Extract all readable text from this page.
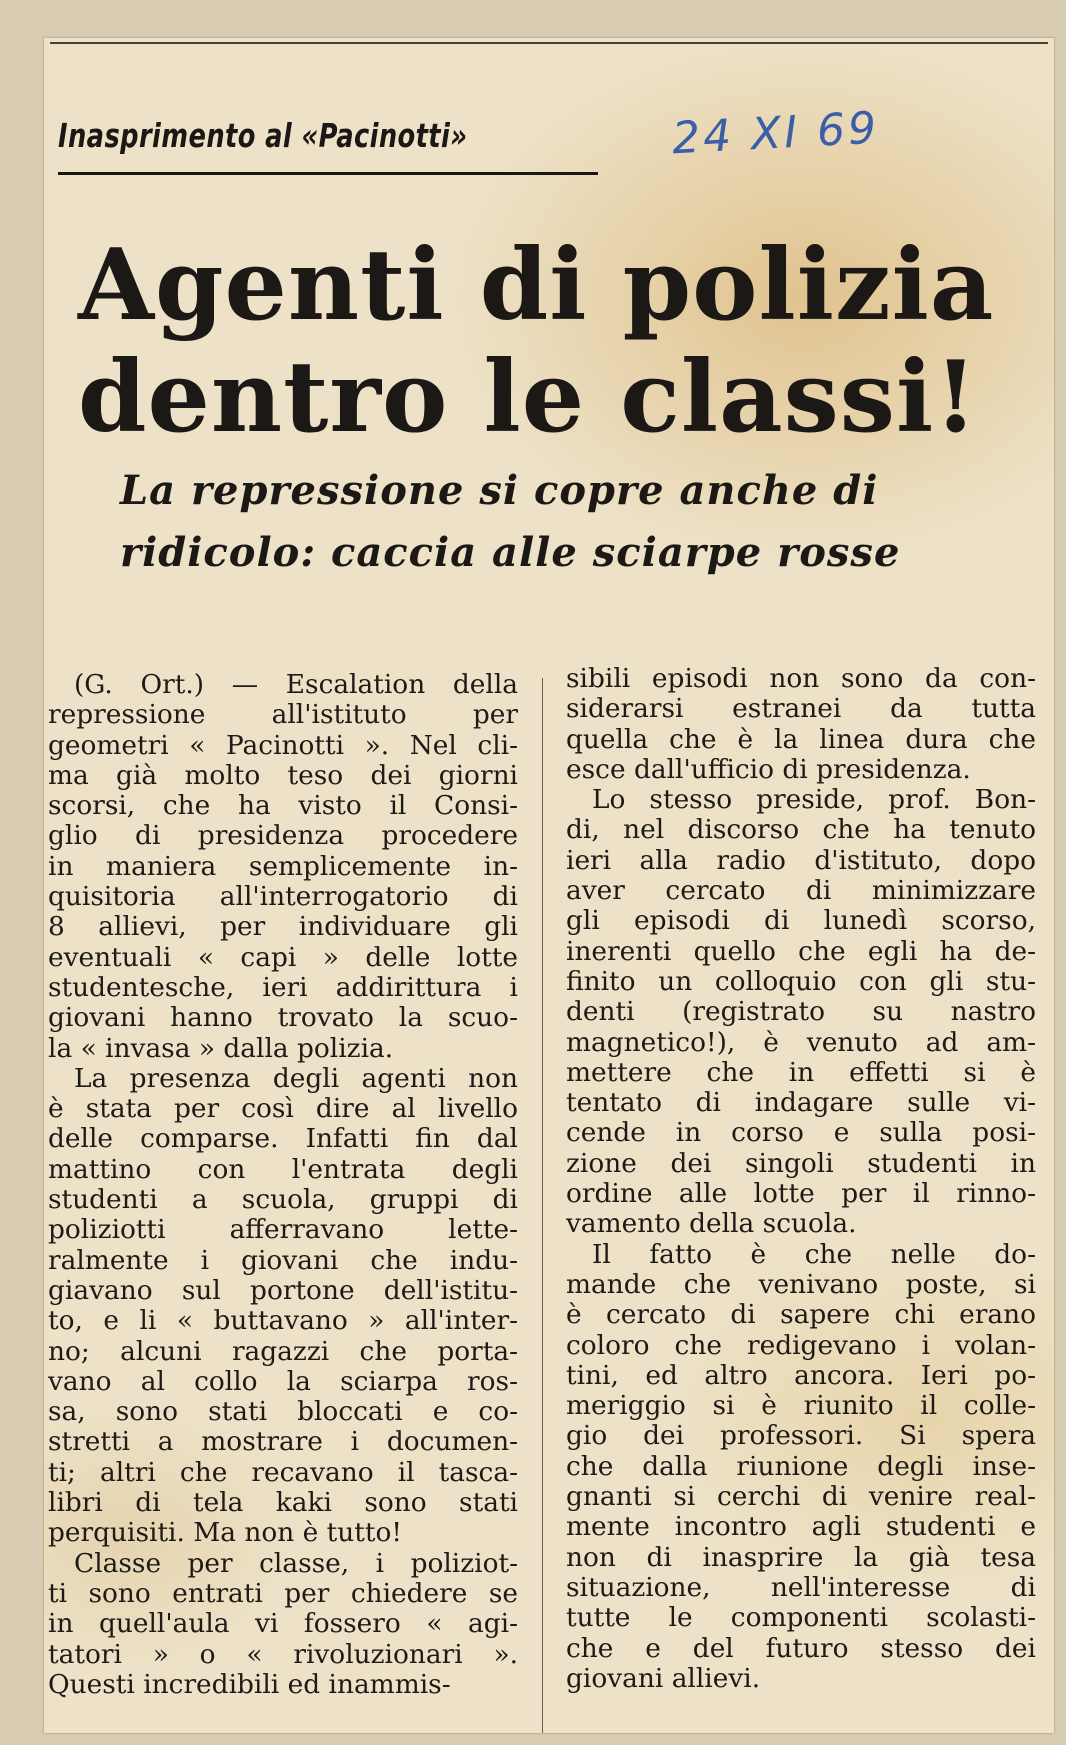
Inasprimento al «Pacinotti»	24 XI 69
Agenti di polizia
dentro le classi!
La repressione si copre anche di
ridicolo: caccia alle sciarpe rosse
(G. Ort.) — Escalation della
repressione all'istituto per
geometri « Pacinotti ». Nel cli-
ma già molto teso dei giorni
scorsi, che ha visto il Consi-
glio di presidenza procedere
in maniera semplicemente in-
quisitoria all'interrogatorio di
8 allievi, per individuare gli
eventuali « capi » delle lotte
studentesche, ieri addirittura i
giovani hanno trovato la scuo-
la « invasa » dalla polizia.
La presenza degli agenti non
è stata per così dire al livello
delle comparse. Infatti fin dal
mattino con l'entrata degli
studenti a scuola, gruppi di
poliziotti afferravano lette-
ralmente i giovani che indu-
giavano sul portone dell'istitu-
to, e li « buttavano » all'inter-
no; alcuni ragazzi che porta-
vano al collo la sciarpa ros-
sa, sono stati bloccati e co-
stretti a mostrare i documen-
ti; altri che recavano il tasca-
libri di tela kaki sono stati
perquisiti. Ma non è tutto!
Classe per classe, i poliziot-
ti sono entrati per chiedere se
in quell'aula vi fossero « agi-
tatori » o « rivoluzionari ».
Questi incredibili ed inammis-
sibili episodi non sono da con-
siderarsi estranei da tutta
quella che è la linea dura che
esce dall'ufficio di presidenza.
Lo stesso preside, prof. Bon-
di, nel discorso che ha tenuto
ieri alla radio d'istituto, dopo
aver cercato di minimizzare
gli episodi di lunedì scorso,
inerenti quello che egli ha de-
finito un colloquio con gli stu-
denti (registrato su nastro
magnetico!), è venuto ad am-
mettere che in effetti si è
tentato di indagare sulle vi-
cende in corso e sulla posi-
zione dei singoli studenti in
ordine alle lotte per il rinno-
vamento della scuola.
Il fatto è che nelle do-
mande che venivano poste, si
è cercato di sapere chi erano
coloro che redigevano i volan-
tini, ed altro ancora. Ieri po-
meriggio si è riunito il colle-
gio dei professori. Si spera
che dalla riunione degli inse-
gnanti si cerchi di venire real-
mente incontro agli studenti e
non di inasprire la già tesa
situazione, nell'interesse di
tutte le componenti scolasti-
che e del futuro stesso dei
giovani allievi.
